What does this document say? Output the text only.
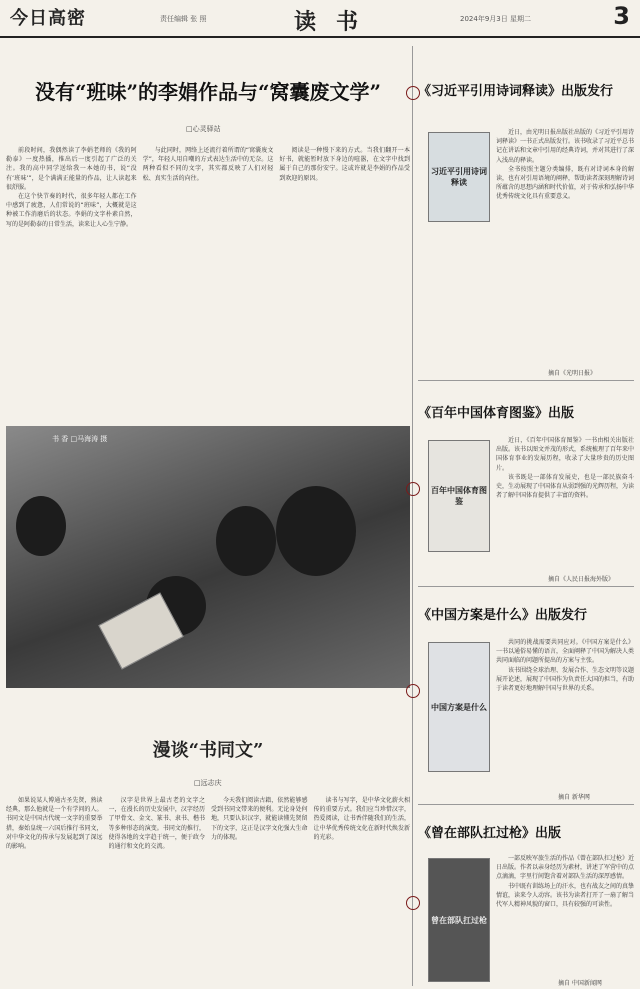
今日高密	责任编辑 张 照	读书	2024年9月3日 星期二	3
没有“班味”的李娟作品与“窝囊废文学”
□心灵驿站

前段时间，我偶然读了李娟老师的《我的阿勒泰》一度热播，推出后一度引起了广泛的关注。我的高中同学送给我一本她的书，说“没有‘班味’”，是个满满正能量的作品，让人读起来很舒服。

在这个快节奏的时代，很多年轻人都在工作中感到了疲惫，人们常说的“班味”，大概就是这种被工作消磨后的状态。李娟的文字朴素自然，写的是阿勒泰的日常生活，读来让人心生宁静。

与此同时，网络上还流行着所谓的“窝囊废文学”，年轻人用自嘲的方式表达生活中的无奈。这两种看似不同的文字，其实都反映了人们对轻松、真实生活的向往。

阅读是一种慢下来的方式。当我们翻开一本好书，就能暂时放下身边的喧嚣，在文字中找到属于自己的那份安宁。这或许就是李娟的作品受到欢迎的原因。

书 香 □马海涛 摄
漫谈“书同文”
□远志庆

如果说某人博通古圣先贤，熟读经典，那么他就是一个有学问的人。书同文是中国古代统一文字的重要举措，秦始皇统一六国后推行书同文，对中华文化的传承与发展起到了深远的影响。

汉字是世界上最古老的文字之一，在漫长的历史发展中，汉字经历了甲骨文、金文、篆书、隶书、楷书等多种形态的演变。书同文的推行，使得各地的文字趋于统一，便于政令的通行和文化的交流。

今天我们阅读古籍，依然能够感受到书同文带来的便利。无论身处何地，只要认识汉字，就能读懂先贤留下的文字，这正是汉字文化强大生命力的体现。

读书与写字，是中华文化薪火相传的重要方式。我们应当珍惜汉字，热爱阅读，让书香伴随我们的生活，让中华优秀传统文化在新时代焕发新的光彩。

《习近平引用诗词释读》出版发行
习近平引用诗词释读

近日，由光明日报出版社出版的《习近平引用诗词释读》一书正式出版发行。该书收录了习近平总书记在讲话和文章中引用的经典诗词，并对其进行了深入浅出的释读。

全书按照主题分类编排，既有对诗词本身的解读，也有对引用语境的阐释，帮助读者深刻理解诗词所蕴含的思想内涵和时代价值，对于传承和弘扬中华优秀传统文化具有重要意义。

摘自《光明日报》
《百年中国体育图鉴》出版
百年中国体育图鉴

近日，《百年中国体育图鉴》一书由相关出版社出版。该书以图文并茂的形式，系统梳理了百年来中国体育事业的发展历程，收录了大量珍贵的历史图片。

该书既是一部体育发展史，也是一部民族奋斗史，生动展现了中国体育从弱到强的光辉历程，为读者了解中国体育提供了丰富的资料。

摘自《人民日报海外版》
《中国方案是什么》出版发行
中国方案是什么

共同的挑战需要共同应对。《中国方案是什么》一书以通俗易懂的语言，全面阐释了中国为解决人类共同面临的问题所提出的方案与主张。

该书围绕全球治理、发展合作、生态文明等议题展开论述，展现了中国作为负责任大国的担当，有助于读者更好地理解中国与世界的关系。

摘自 新华网
《曾在部队扛过枪》出版
曾在部队扛过枪

一部反映军旅生活的作品《曾在部队扛过枪》近日出版。作者以亲身经历为素材，讲述了军营中的点点滴滴，字里行间饱含着对部队生活的深厚感情。

书中既有训练场上的汗水，也有战友之间的真挚情谊，读来令人动容。该书为读者打开了一扇了解当代军人精神风貌的窗口，具有较强的可读性。

摘自 中国新闻网
